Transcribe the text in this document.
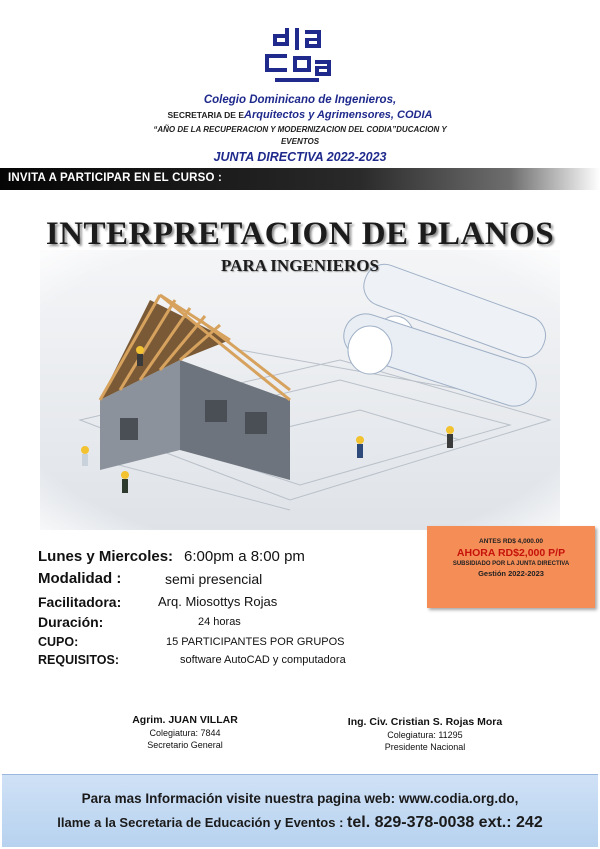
Colegio Dominicano de Ingenieros,
SECRETARIA DE EArquitectos y Agrimensores, CODIA
“AÑO DE LA RECUPERACION Y MODERNIZACION DEL CODIA”DUCACION Y EVENTOS
JUNTA DIRECTIVA 2022-2023
INVITA A PARTICIPAR EN EL CURSO :
INTERPRETACION DE PLANOS
PARA INGENIEROS
ANTES RD$ 4,000.00
AHORA RD$2,000 P/P
SUBSIDIADO POR LA JUNTA DIRECTIVA
Gestión 2022-2023
Lunes y Miercoles: 6:00pm a 8:00 pm
Modalidad :	semi presencial
Facilitadora:	Arq. Miosottys Rojas
Duración:	24 horas
CUPO:	15 PARTICIPANTES POR GRUPOS
REQUISITOS:	software AutoCAD y computadora
Agrim. JUAN VILLAR
Colegiatura: 7844
Secretario General
Ing. Civ. Cristian S. Rojas Mora
Colegiatura: 11295
Presidente Nacional
Para mas Información visite nuestra pagina web: www.codia.org.do,
llame a la Secretaria de Educación y Eventos : tel. 829-378-0038 ext.: 242
